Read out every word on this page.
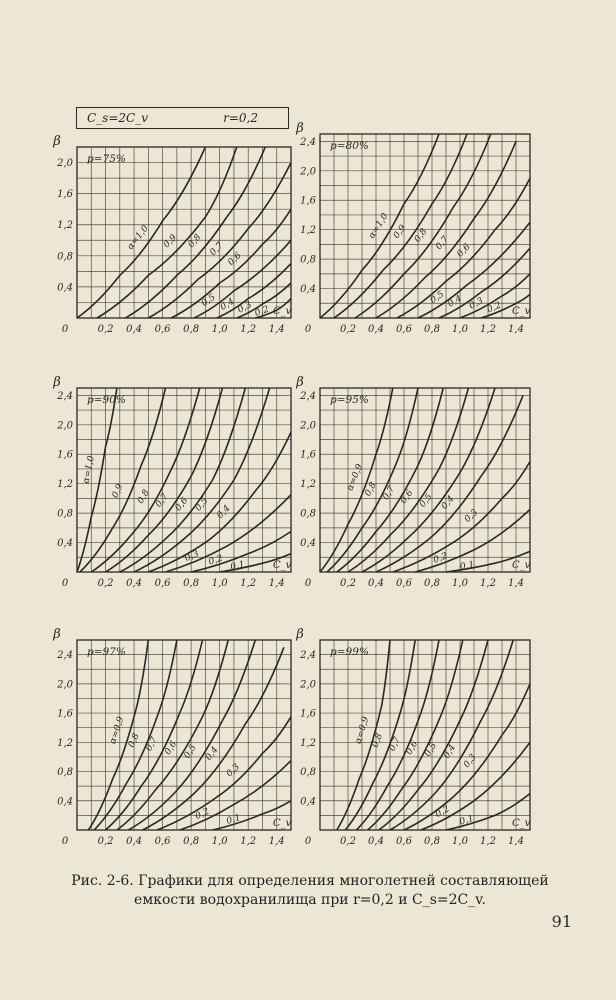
0	0,2 0,4 0,6 0,8 1,0 1,2 1,4
0,4
0,8
1,2
1,6
2,0
β
p=75%
α=1,0 0,9 0,8 0,7
0,6
0,5 0,4 0,3 0,2 C_v
0	0,2 0,4 0,6 0,8 1,0 1,2 1,4
0,4
0,8
1,2
1,6
2,0
2,4
β
p=80%
α=1,0 0,9 0,8 0,7 0,6
0,5 0,4 0,3 0,2 C_v
0	0,2 0,4 0,6 0,8 1,0 1,2 1,4
0,4
0,8
1,2
1,6
2,0
2,4
β
p=90%
α=1,0
0,9 0,8 0,7 0,6 0,5 0,4
0,3 0,2 0,1	C_v
0	0,2 0,4 0,6 0,8 1,0 1,2 1,4
0,4
0,8
1,2
1,6
2,0
2,4
β
p=95%
α=0,9
0,8 0,7 0,6 0,5 0,4
0,3
0,2
0,1	C_v
0	0,2 0,4 0,6 0,8 1,0 1,2 1,4
0,4
0,8
1,2
1,6
2,0
2,4
β
p=97%
α=0,9 0,8 0,7 0,6 0,5 0,4
0,3
0,2 0,1	C_v
0	0,2 0,4 0,6 0,8 1,0 1,2 1,4
0,4
0,8
1,2
1,6
2,0
2,4
β
p=99%
α=0,9 0,8 0,7 0,6 0,5 0,4
0,3
0,2
0,1	C_v
C_s=2C_v	r=0,2
Рис. 2-6. Графики для определения многолетней составляющей
емкости водохранилища при r=0,2 и C_s=2C_v.
91
